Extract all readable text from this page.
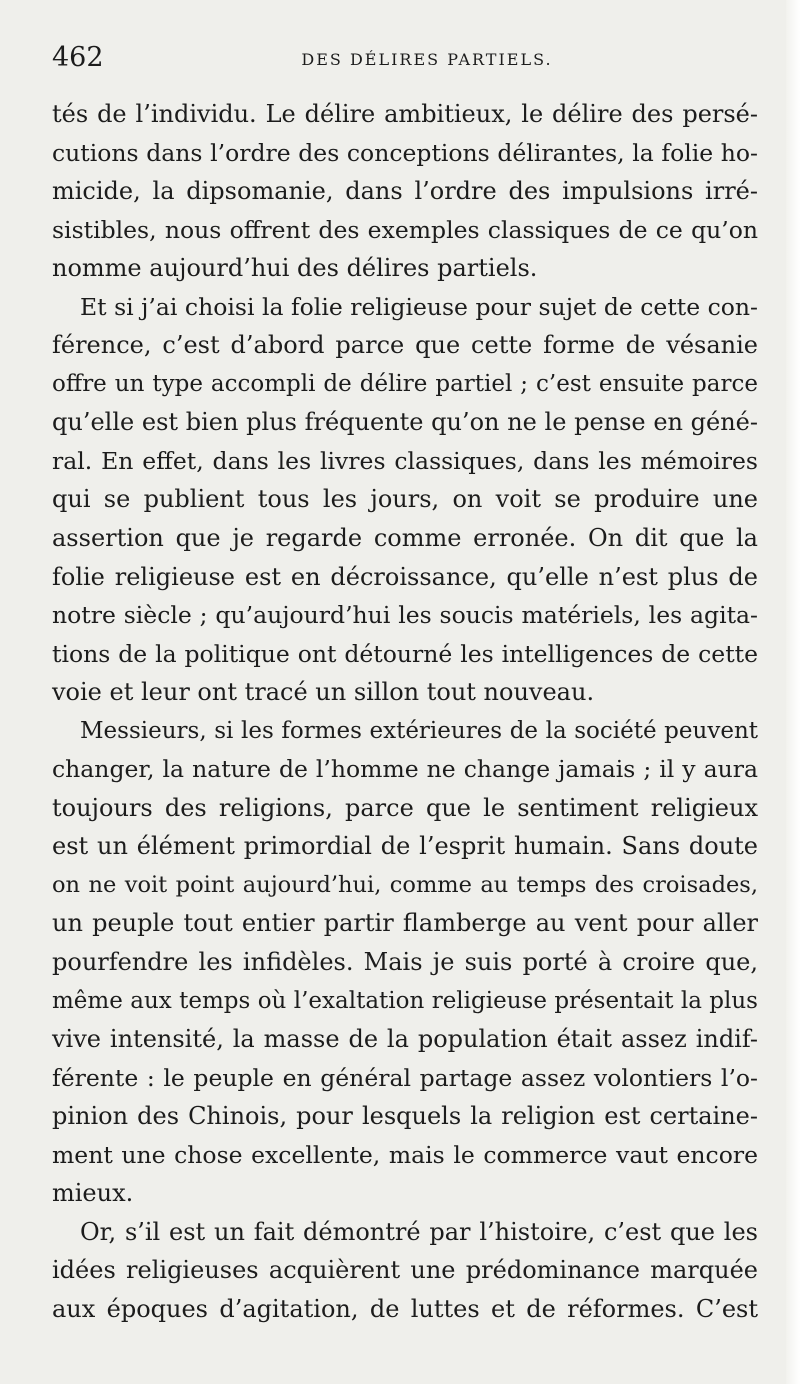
462	DES DÉLIRES PARTIELS.
tés de l’individu. Le délire ambitieux, le délire des persé-
cutions dans l’ordre des conceptions délirantes, la folie ho-
micide, la dipsomanie, dans l’ordre des impulsions irré-
sistibles, nous offrent des exemples classiques de ce qu’on
nomme aujourd’hui des délires partiels.
Et si j’ai choisi la folie religieuse pour sujet de cette con-
férence, c’est d’abord parce que cette forme de vésanie
offre un type accompli de délire partiel ; c’est ensuite parce
qu’elle est bien plus fréquente qu’on ne le pense en géné-
ral. En effet, dans les livres classiques, dans les mémoires
qui se publient tous les jours, on voit se produire une
assertion que je regarde comme erronée. On dit que la
folie religieuse est en décroissance, qu’elle n’est plus de
notre siècle ; qu’aujourd’hui les soucis matériels, les agita-
tions de la politique ont détourné les intelligences de cette
voie et leur ont tracé un sillon tout nouveau.
Messieurs, si les formes extérieures de la société peuvent
changer, la nature de l’homme ne change jamais ; il y aura
toujours des religions, parce que le sentiment religieux
est un élément primordial de l’esprit humain. Sans doute
on ne voit point aujourd’hui, comme au temps des croisades,
un peuple tout entier partir flamberge au vent pour aller
pourfendre les infidèles. Mais je suis porté à croire que,
même aux temps où l’exaltation religieuse présentait la plus
vive intensité, la masse de la population était assez indif-
férente : le peuple en général partage assez volontiers l’o-
pinion des Chinois, pour lesquels la religion est certaine-
ment une chose excellente, mais le commerce vaut encore
mieux.
Or, s’il est un fait démontré par l’histoire, c’est que les
idées religieuses acquièrent une prédominance marquée
aux époques d’agitation, de luttes et de réformes. C’est
